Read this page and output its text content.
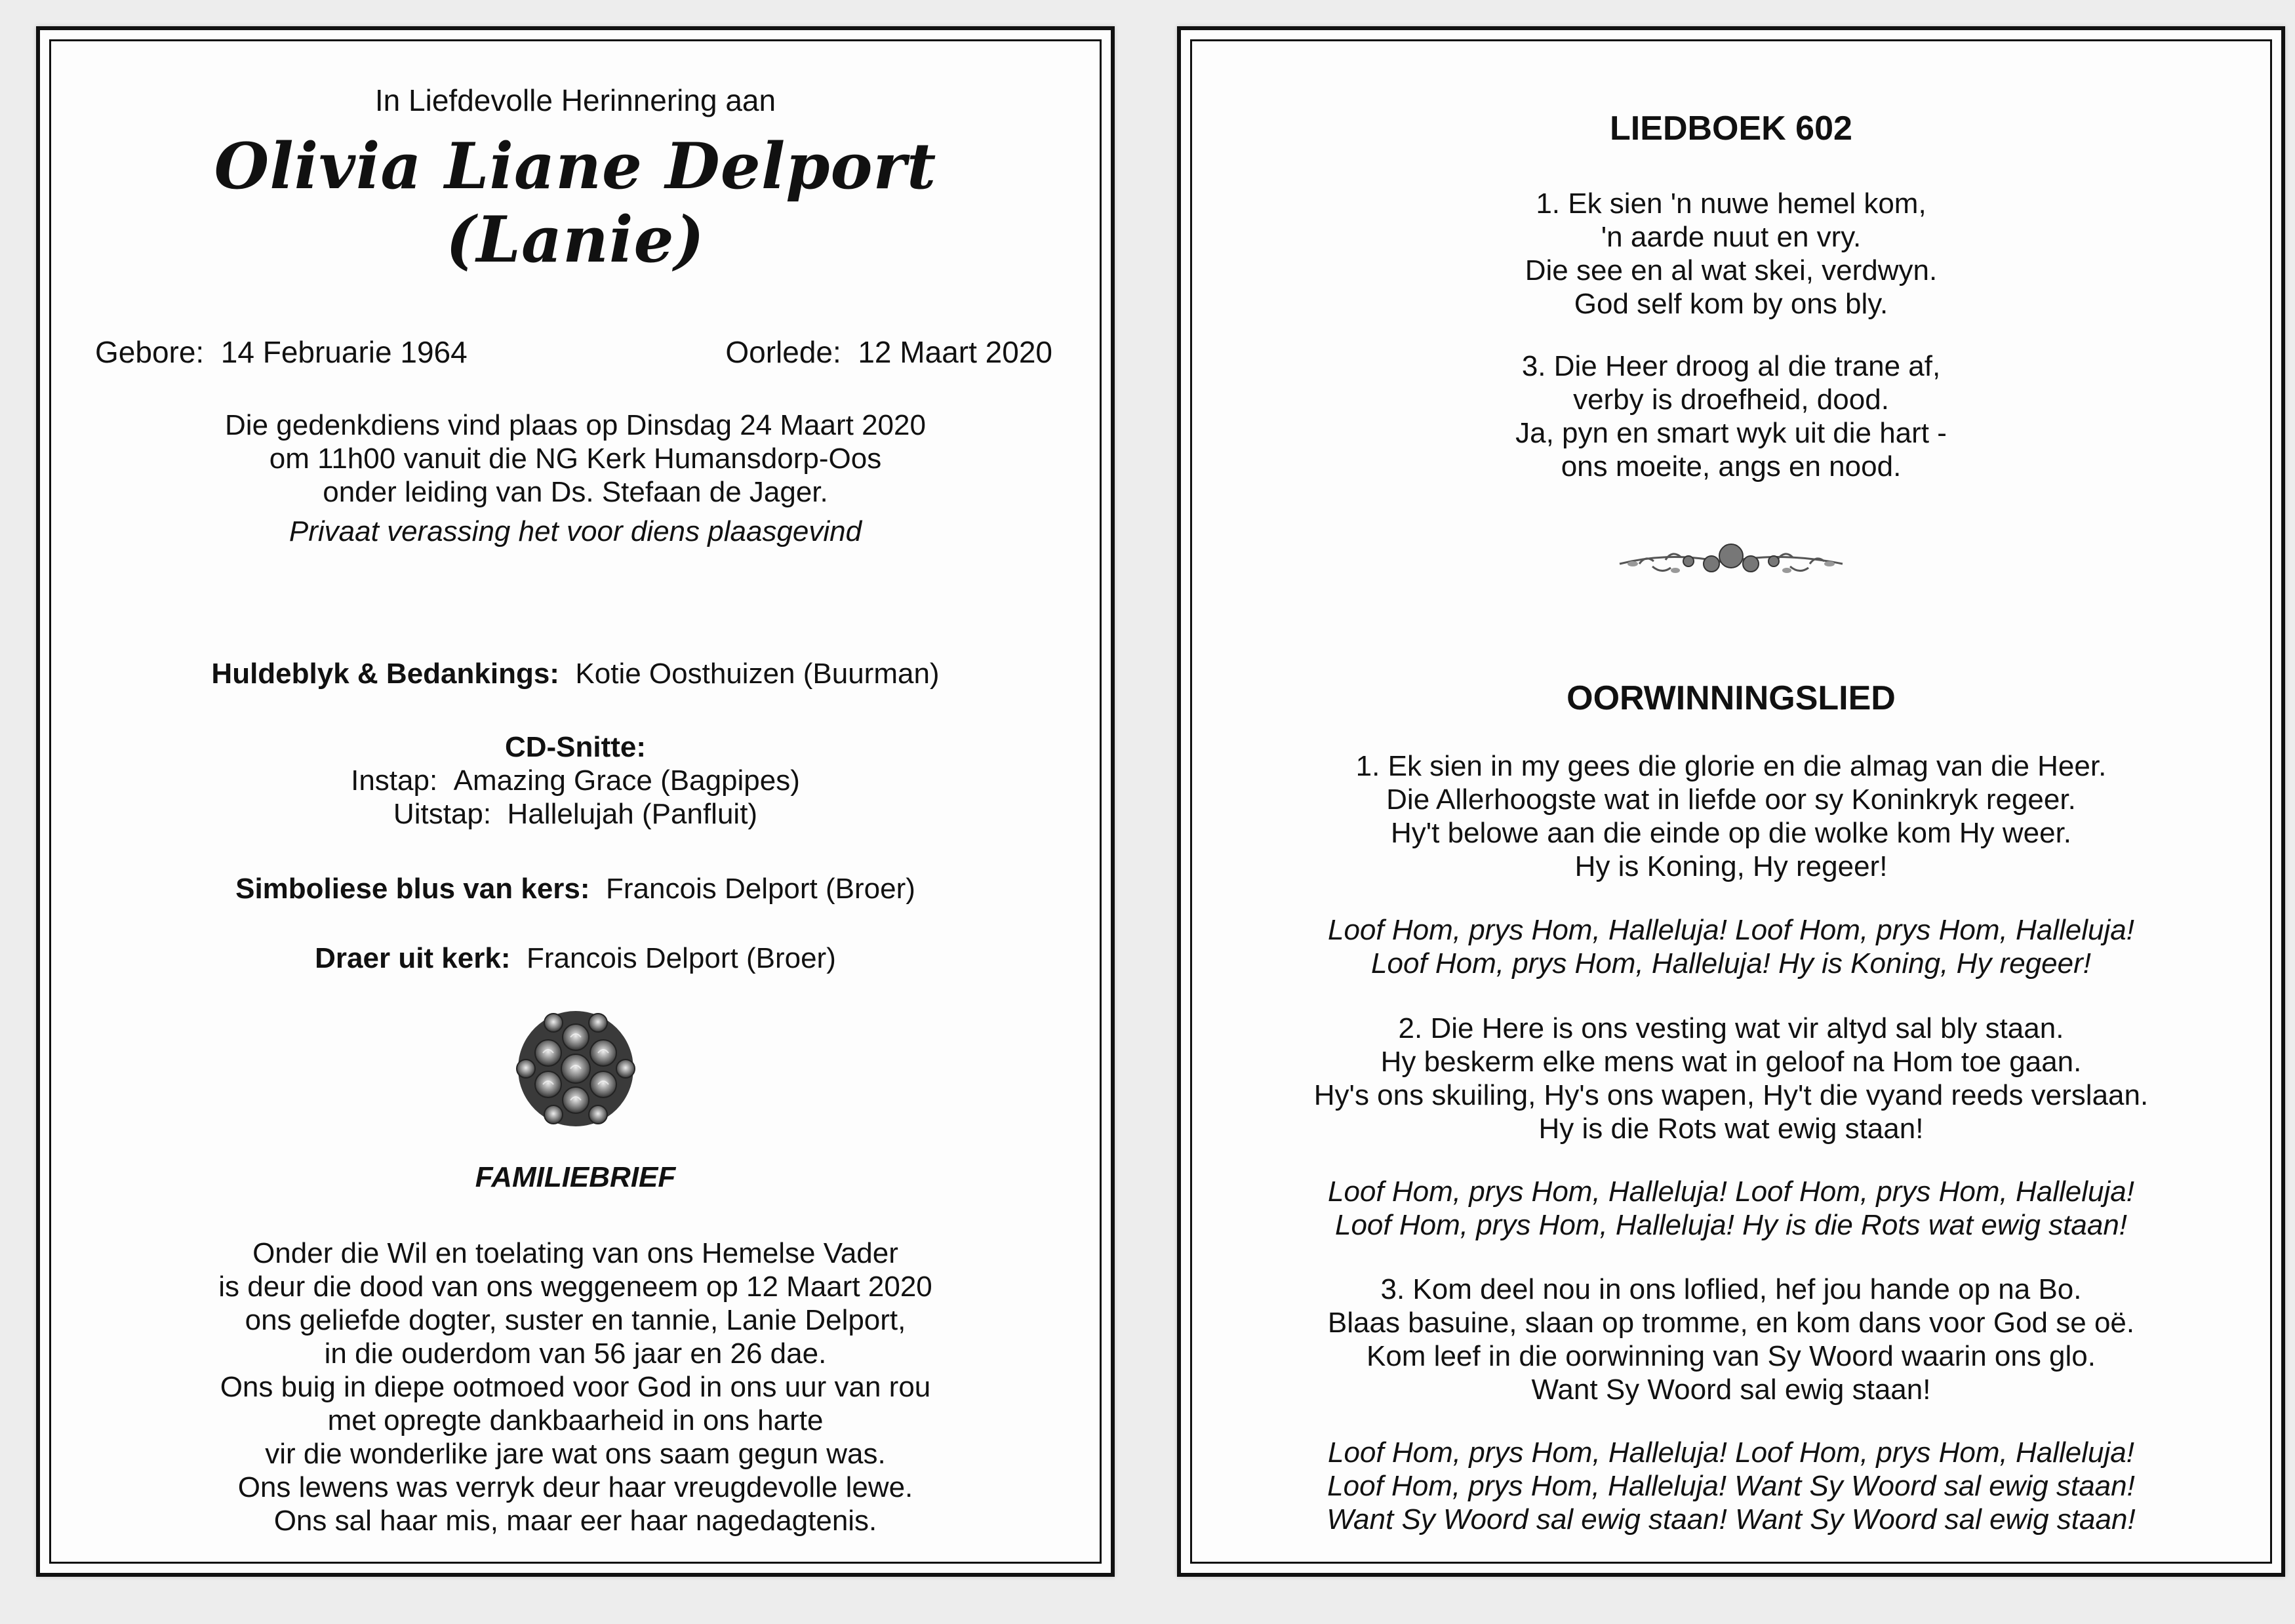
In Liefdevolle Herinnering aan
Olivia Liane Delport
(Lanie)
Gebore: 14 Februarie 1964	Oorlede: 12 Maart 2020
Die gedenkdiens vind plaas op Dinsdag 24 Maart 2020
om 11h00 vanuit die NG Kerk Humansdorp-Oos
onder leiding van Ds. Stefaan de Jager.
Privaat verassing het voor diens plaasgevind
Huldeblyk & Bedankings: Kotie Oosthuizen (Buurman)
CD-Snitte:
Instap: Amazing Grace (Bagpipes)
Uitstap: Hallelujah (Panfluit)
Simboliese blus van kers: Francois Delport (Broer)
Draer uit kerk: Francois Delport (Broer)
FAMILIEBRIEF
Onder die Wil en toelating van ons Hemelse Vader
is deur die dood van ons weggeneem op 12 Maart 2020
ons geliefde dogter, suster en tannie, Lanie Delport,
in die ouderdom van 56 jaar en 26 dae.
Ons buig in diepe ootmoed voor God in ons uur van rou
met opregte dankbaarheid in ons harte
vir die wonderlike jare wat ons saam gegun was.
Ons lewens was verryk deur haar vreugdevolle lewe.
Ons sal haar mis, maar eer haar nagedagtenis.
LIEDBOEK 602
1. Ek sien 'n nuwe hemel kom,
'n aarde nuut en vry.
Die see en al wat skei, verdwyn.
God self kom by ons bly.
3. Die Heer droog al die trane af,
verby is droefheid, dood.
Ja, pyn en smart wyk uit die hart -
ons moeite, angs en nood.
OORWINNINGSLIED
1. Ek sien in my gees die glorie en die almag van die Heer.
Die Allerhoogste wat in liefde oor sy Koninkryk regeer.
Hy't belowe aan die einde op die wolke kom Hy weer.
Hy is Koning, Hy regeer!
Loof Hom, prys Hom, Halleluja! Loof Hom, prys Hom, Halleluja!
Loof Hom, prys Hom, Halleluja! Hy is Koning, Hy regeer!
2. Die Here is ons vesting wat vir altyd sal bly staan.
Hy beskerm elke mens wat in geloof na Hom toe gaan.
Hy's ons skuiling, Hy's ons wapen, Hy't die vyand reeds verslaan.
Hy is die Rots wat ewig staan!
Loof Hom, prys Hom, Halleluja! Loof Hom, prys Hom, Halleluja!
Loof Hom, prys Hom, Halleluja! Hy is die Rots wat ewig staan!
3. Kom deel nou in ons loflied, hef jou hande op na Bo.
Blaas basuine, slaan op tromme, en kom dans voor God se oë.
Kom leef in die oorwinning van Sy Woord waarin ons glo.
Want Sy Woord sal ewig staan!
Loof Hom, prys Hom, Halleluja! Loof Hom, prys Hom, Halleluja!
Loof Hom, prys Hom, Halleluja! Want Sy Woord sal ewig staan!
Want Sy Woord sal ewig staan! Want Sy Woord sal ewig staan!
